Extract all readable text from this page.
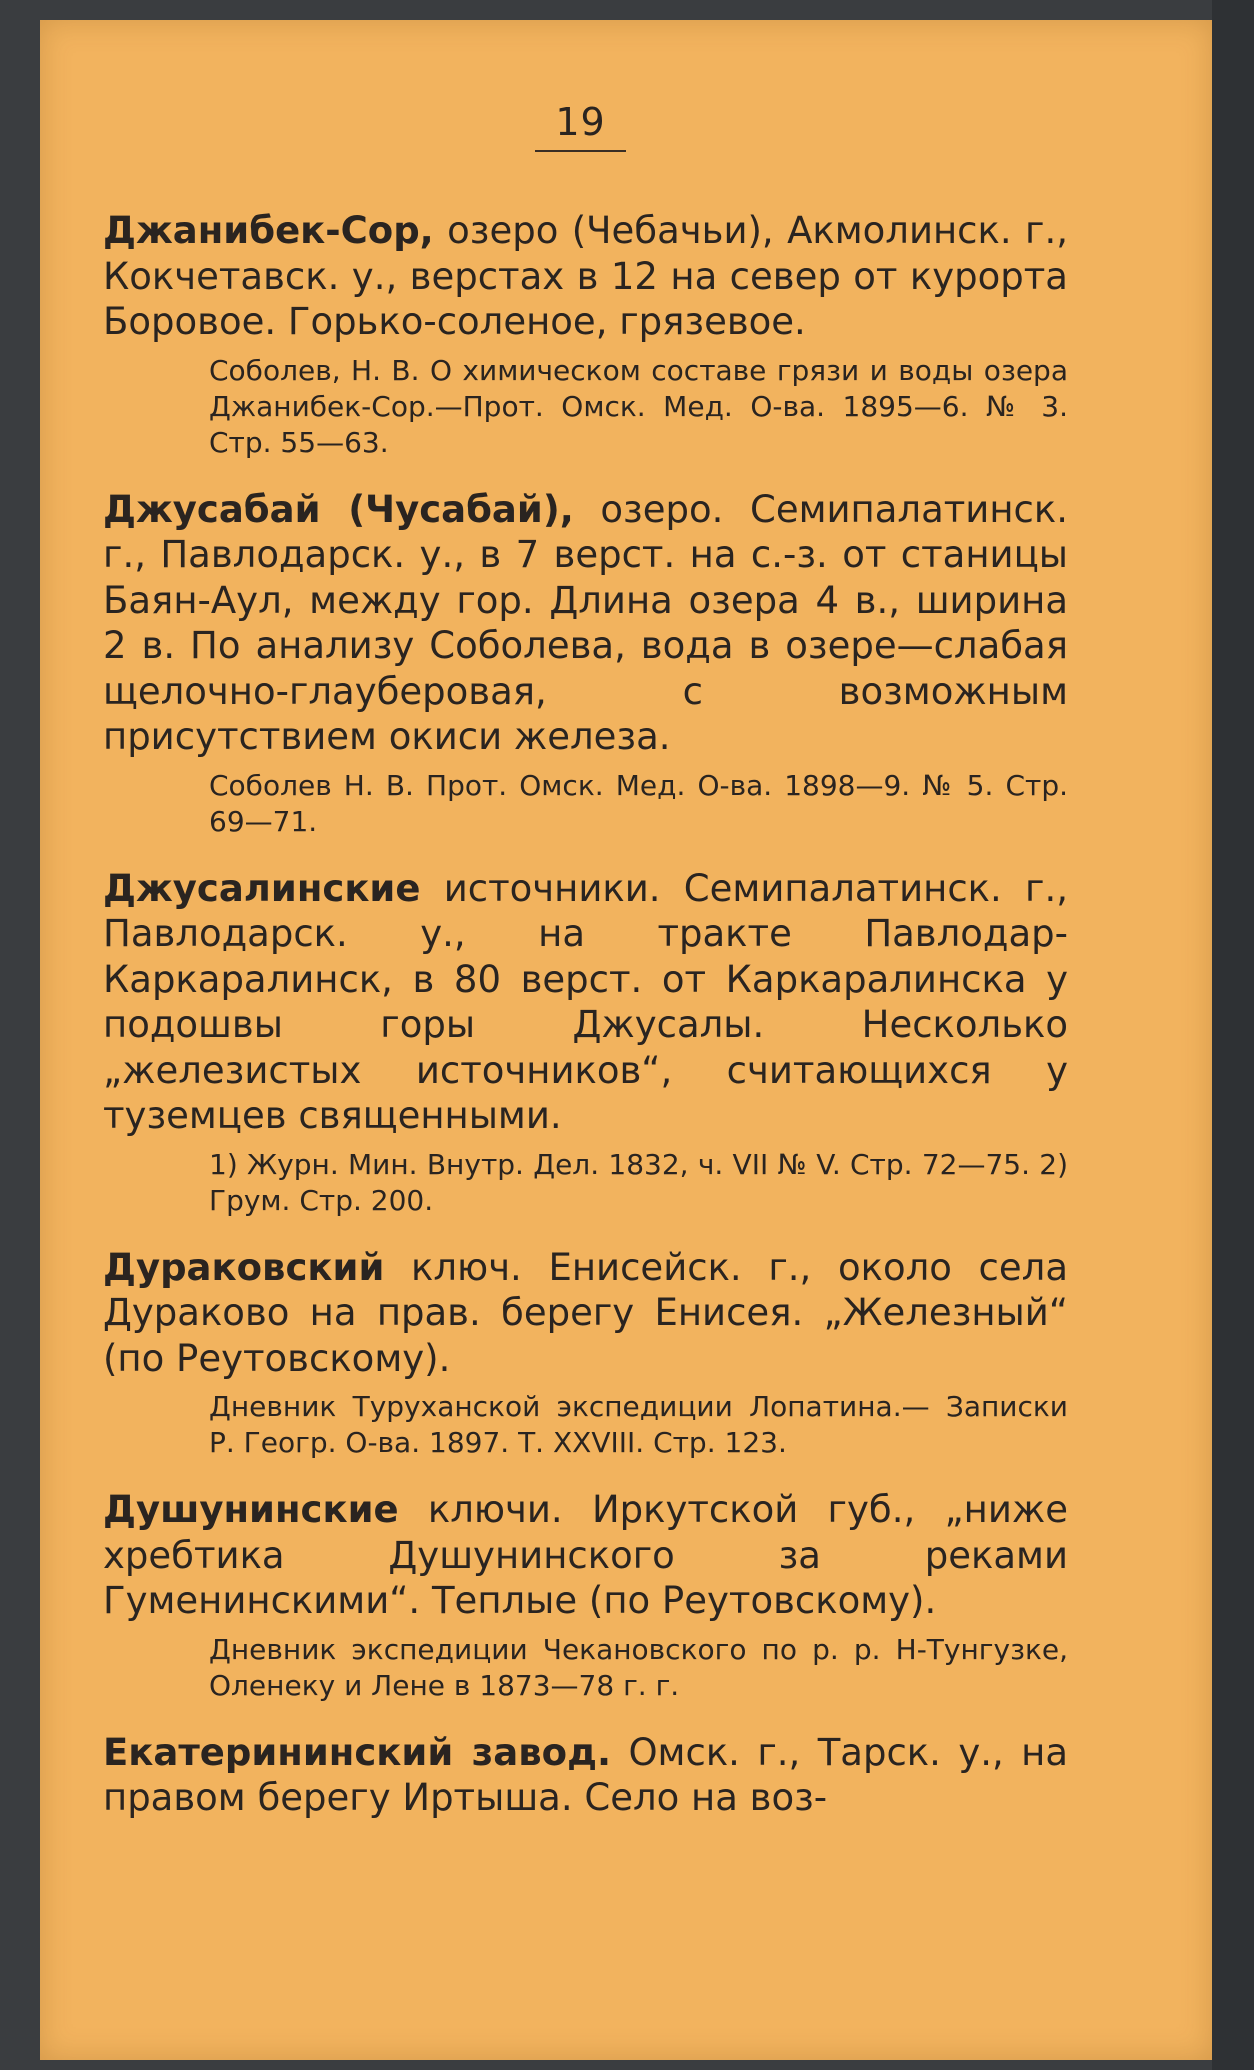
19

Джанибек-Сор, озеро (Чебачьи), Акмолинск. г., Кокчетавск. у., верстах в 12 на север от курорта Боровое. Горько-соленое, грязевое.

Соболев, Н. В. О химическом составе грязи и воды озера Джанибек-Сор.—Прот. Омск. Мед. О-ва. 1895—6. № 3. Стр. 55—63.

Джусабай (Чусабай), озеро. Семипалатинск. г., Павлодарск. у., в 7 верст. на с.-з. от станицы Баян-Аул, между гор. Длина озера 4 в., ширина 2 в. По анализу Соболева, вода в озере—слабая щелочно-глауберовая, с возможным присутствием окиси железа.

Соболев Н. В. Прот. Омск. Мед. О-ва. 1898—9. № 5. Стр. 69—71.

Джусалинские источники. Семипалатинск. г., Павлодарск. у., на тракте Павлодар-Каркаралинск, в 80 верст. от Каркаралинска у подошвы горы Джусалы. Несколько „железистых источников“, считающихся у туземцев священными.

1) Журн. Мин. Внутр. Дел. 1832, ч. VII № V. Стр. 72—75. 2) Грум. Стр. 200.

Дураковский ключ. Енисейск. г., около села Дураково на прав. берегу Енисея. „Железный“ (по Реутовскому).

Дневник Туруханской экспедиции Лопатина.— Записки Р. Геогр. О-ва. 1897. Т. XXVIII. Стр. 123.

Душунинские ключи. Иркутской губ., „ниже хребтика Душунинского за реками Гуменинскими“. Теплые (по Реутовскому).

Дневник экспедиции Чекановского по р. р. Н-Тунгузке, Оленеку и Лене в 1873—78 г. г.

Екатерининский завод. Омск. г., Тарск. у., на правом берегу Иртыша. Село на воз-
